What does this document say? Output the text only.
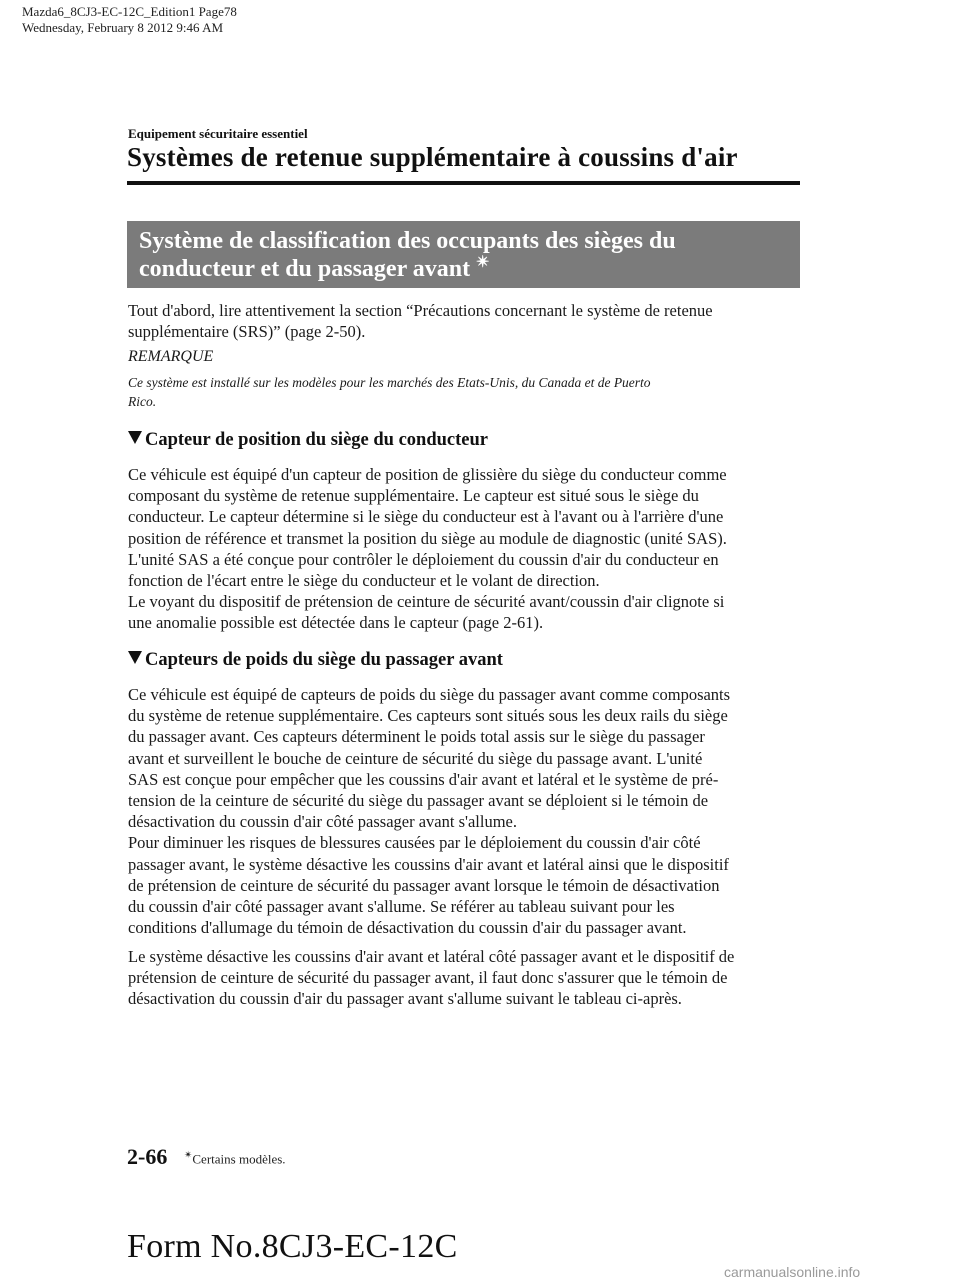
Mazda6_8CJ3-EC-12C_Edition1 Page78
Wednesday, February 8 2012 9:46 AM
Equipement sécuritaire essentiel
Systèmes de retenue supplémentaire à coussins d'air
Système de classification des occupants des sièges du
conducteur et du passager avant ✴
Tout d'abord, lire attentivement la section “Précautions concernant le système de retenue
supplémentaire (SRS)” (page 2-50).
REMARQUE
Ce système est installé sur les modèles pour les marchés des Etats-Unis, du Canada et de Puerto
Rico.
Capteur de position du siège du conducteur
Ce véhicule est équipé d'un capteur de position de glissière du siège du conducteur comme
composant du système de retenue supplémentaire. Le capteur est situé sous le siège du
conducteur. Le capteur détermine si le siège du conducteur est à l'avant ou à l'arrière d'une
position de référence et transmet la position du siège au module de diagnostic (unité SAS).
L'unité SAS a été conçue pour contrôler le déploiement du coussin d'air du conducteur en
fonction de l'écart entre le siège du conducteur et le volant de direction.
Le voyant du dispositif de prétension de ceinture de sécurité avant/coussin d'air clignote si
une anomalie possible est détectée dans le capteur (page 2-61).
Capteurs de poids du siège du passager avant
Ce véhicule est équipé de capteurs de poids du siège du passager avant comme composants
du système de retenue supplémentaire. Ces capteurs sont situés sous les deux rails du siège
du passager avant. Ces capteurs déterminent le poids total assis sur le siège du passager
avant et surveillent le bouche de ceinture de sécurité du siège du passage avant. L'unité
SAS est conçue pour empêcher que les coussins d'air avant et latéral et le système de pré-
tension de la ceinture de sécurité du siège du passager avant se déploient si le témoin de
désactivation du coussin d'air côté passager avant s'allume.
Pour diminuer les risques de blessures causées par le déploiement du coussin d'air côté
passager avant, le système désactive les coussins d'air avant et latéral ainsi que le dispositif
de prétension de ceinture de sécurité du passager avant lorsque le témoin de désactivation
du coussin d'air côté passager avant s'allume. Se référer au tableau suivant pour les
conditions d'allumage du témoin de désactivation du coussin d'air du passager avant.
Le système désactive les coussins d'air avant et latéral côté passager avant et le dispositif de
prétension de ceinture de sécurité du passager avant, il faut donc s'assurer que le témoin de
désactivation du coussin d'air du passager avant s'allume suivant le tableau ci-après.
2-66 ✴Certains modèles.
Form No.8CJ3-EC-12C
carmanualsonline.info
